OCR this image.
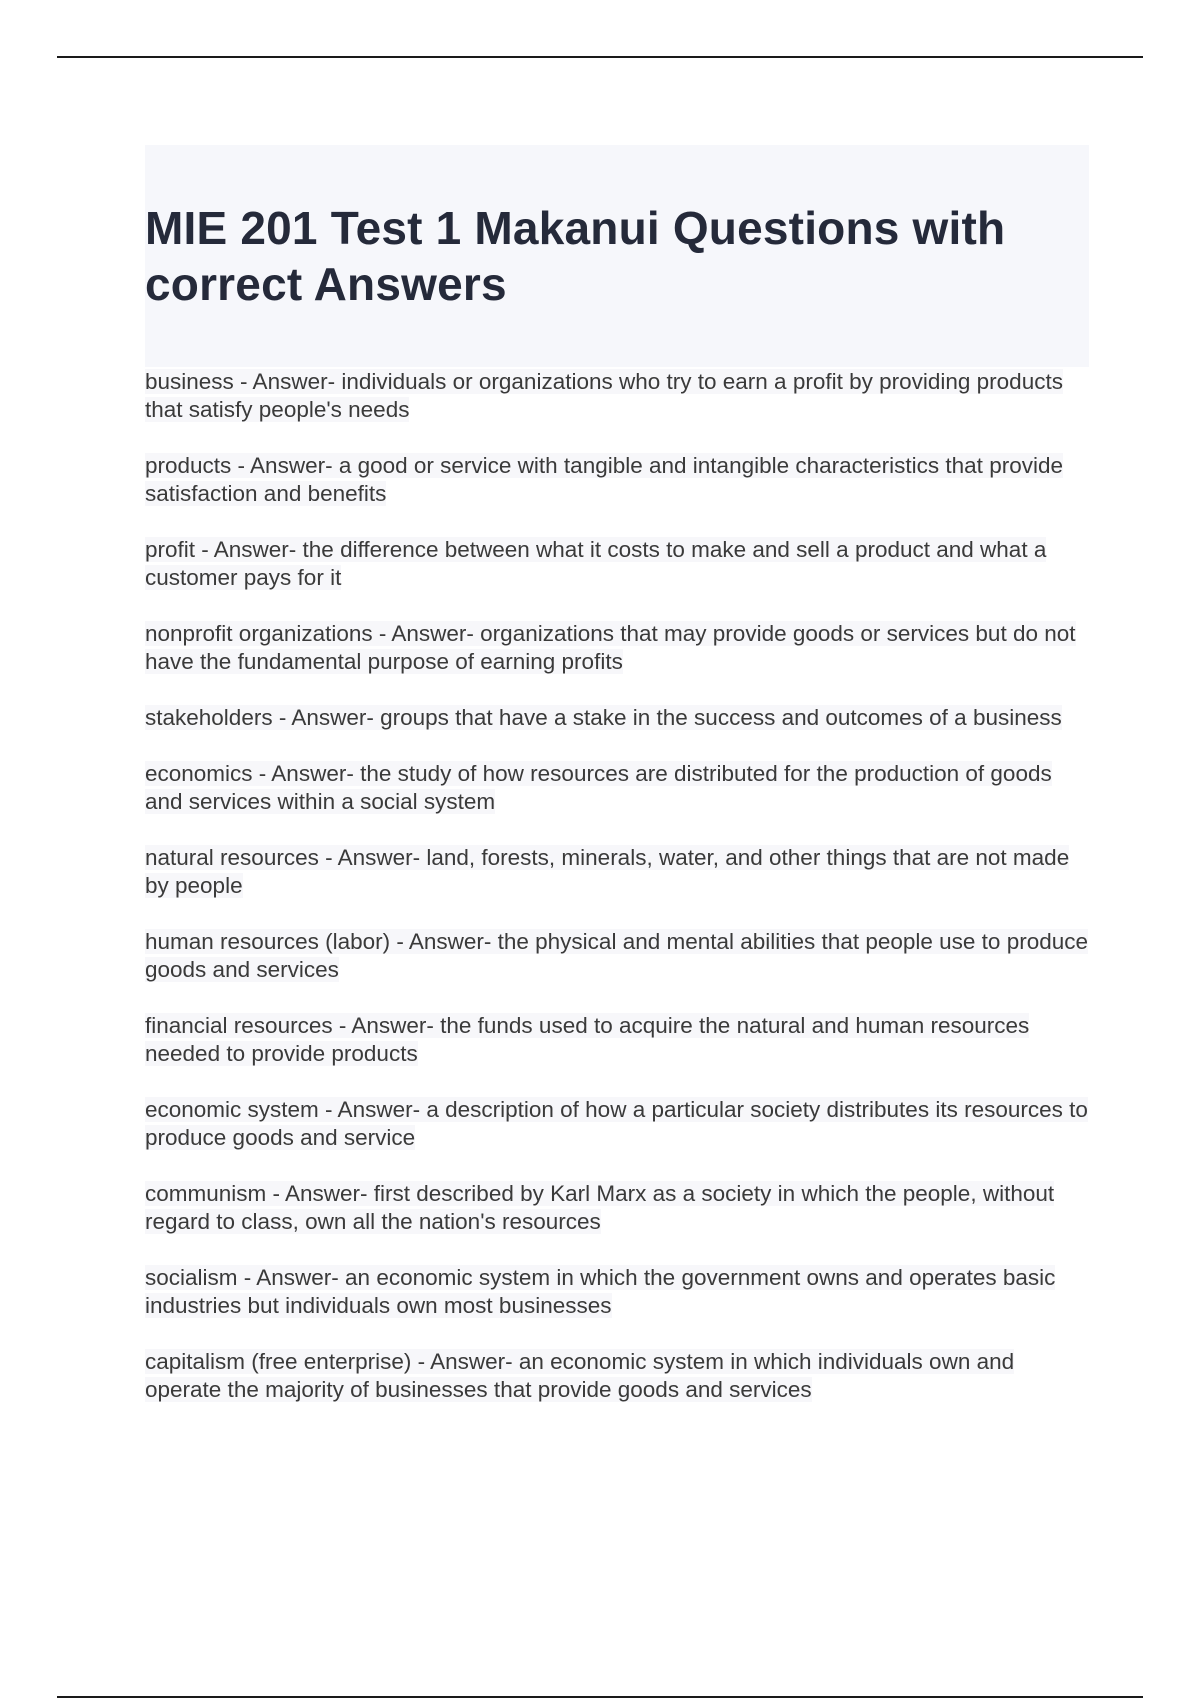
MIE 201 Test 1 Makanui Questions with correct Answers
business - Answer- individuals or organizations who try to earn a profit by providing products that satisfy people's needs
products - Answer- a good or service with tangible and intangible characteristics that provide satisfaction and benefits
profit - Answer- the difference between what it costs to make and sell a product and what a customer pays for it
nonprofit organizations - Answer- organizations that may provide goods or services but do not have the fundamental purpose of earning profits
stakeholders - Answer- groups that have a stake in the success and outcomes of a business
economics - Answer- the study of how resources are distributed for the production of goods and services within a social system
natural resources - Answer- land, forests, minerals, water, and other things that are not made by people
human resources (labor) - Answer- the physical and mental abilities that people use to produce goods and services
financial resources - Answer- the funds used to acquire the natural and human resources needed to provide products
economic system - Answer- a description of how a particular society distributes its resources to produce goods and service
communism - Answer- first described by Karl Marx as a society in which the people, without regard to class, own all the nation's resources
socialism - Answer- an economic system in which the government owns and operates basic industries but individuals own most businesses
capitalism (free enterprise) - Answer- an economic system in which individuals own and operate the majority of businesses that provide goods and services
